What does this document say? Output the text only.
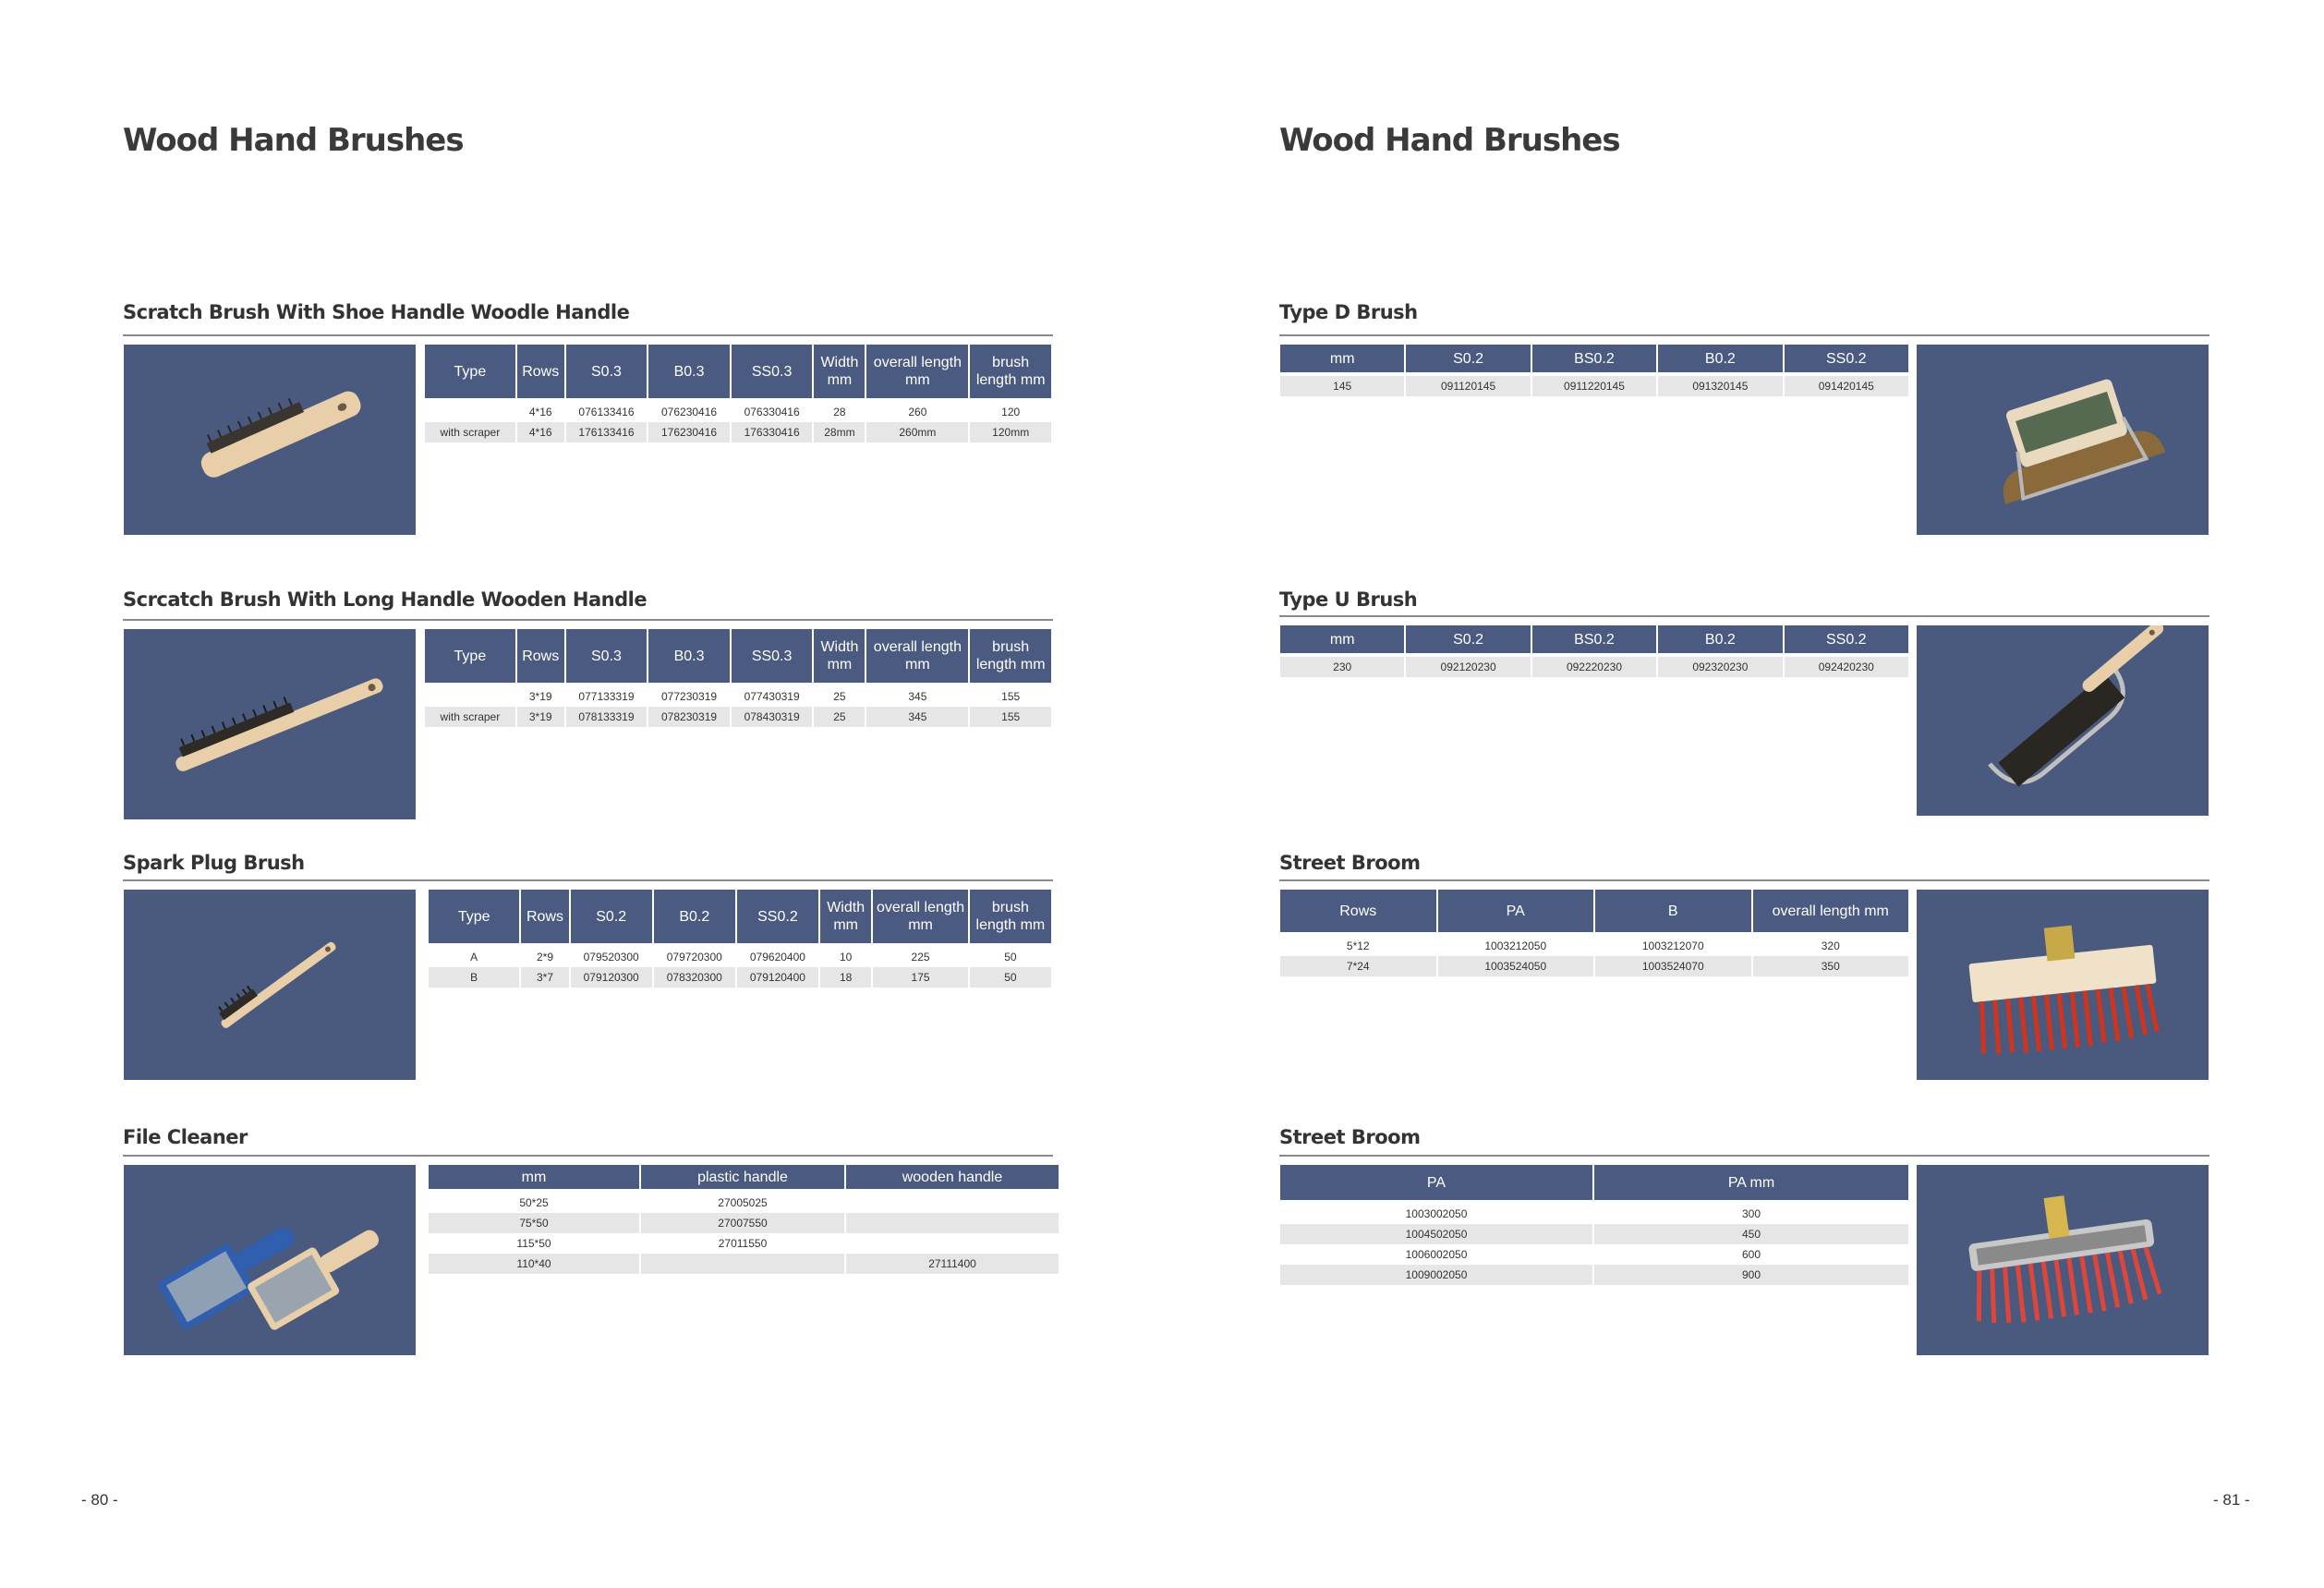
Wood Hand Brushes
Scratch Brush With Shoe Handle Woodle Handle
Type	Rows	S0.3	B0.3	SS0.3	Width mm	overall length mm	brush length mm
	4*16	076133416	076230416	076330416	28	260	120
with scraper	4*16	176133416	176230416	176330416	28mm	260mm	120mm
Scrcatch Brush With Long Handle Wooden Handle
Type	Rows	S0.3	B0.3	SS0.3	Width mm	overall length mm	brush length mm
	3*19	077133319	077230319	077430319	25	345	155
with scraper	3*19	078133319	078230319	078430319	25	345	155
Spark Plug Brush
Type	Rows	S0.2	B0.2	SS0.2	Width mm	overall length mm	brush length mm
A	2*9	079520300	079720300	079620400	10	225	50
B	3*7	079120300	078320300	079120400	18	175	50
File Cleaner
mm	plastic handle	wooden handle
50*25	27005025	
75*50	27007550	
115*50	27011550	
110*40		27111400
- 80 -
Wood Hand Brushes
Type D Brush
mm	S0.2	BS0.2	B0.2	SS0.2
145	091120145	0911220145	091320145	091420145
Type U Brush
mm	S0.2	BS0.2	B0.2	SS0.2
230	092120230	092220230	092320230	092420230
Street Broom
Rows	PA	B	overall length mm
5*12	1003212050	1003212070	320
7*24	1003524050	1003524070	350
Street Broom
PA	PA mm
1003002050	300
1004502050	450
1006002050	600
1009002050	900
- 81 -
